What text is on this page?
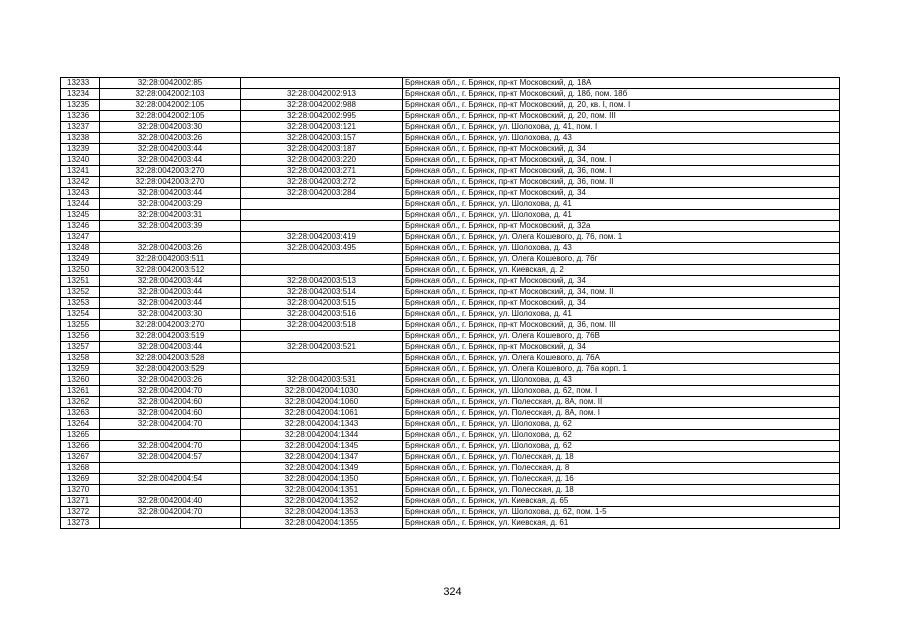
13233	32:28:0042002:85		Брянская обл., г. Брянск, пр-кт Московский, д. 18А
13234	32:28:0042002:103	32:28:0042002:913	Брянская обл., г. Брянск, пр-кт Московский, д. 18б, пом. 18б
13235	32:28:0042002:105	32:28:0042002:988	Брянская обл., г. Брянск, пр-кт Московский, д. 20, кв. I, пом. I
13236	32:28:0042002:105	32:28:0042002:995	Брянская обл., г. Брянск, пр-кт Московский, д. 20, пом. III
13237	32:28:0042003:30	32:28:0042003:121	Брянская обл., г. Брянск, ул. Шолохова, д. 41, пом. I
13238	32:28:0042003:26	32:28:0042003:157	Брянская обл., г. Брянск, ул. Шолохова, д. 43
13239	32:28:0042003:44	32:28:0042003:187	Брянская обл., г. Брянск, пр-кт Московский, д. 34
13240	32:28:0042003:44	32:28:0042003:220	Брянская обл., г. Брянск, пр-кт Московский, д. 34, пом. I
13241	32:28:0042003:270	32:28:0042003:271	Брянская обл., г. Брянск, пр-кт Московский, д. 36, пом. I
13242	32:28:0042003:270	32:28:0042003:272	Брянская обл., г. Брянск, пр-кт Московский, д. 36, пом. II
13243	32:28:0042003:44	32:28:0042003:284	Брянская обл., г. Брянск, пр-кт Московский, д. 34
13244	32:28:0042003:29		Брянская обл., г. Брянск, ул. Шолохова, д. 41
13245	32:28:0042003:31		Брянская обл., г. Брянск, ул. Шолохова, д. 41
13246	32:28:0042003:39		Брянская обл., г. Брянск, пр-кт Московский, д. 32а
13247		32:28:0042003:419	Брянская обл., г. Брянск, ул. Олега Кошевого, д. 76, пом. 1
13248	32:28:0042003:26	32:28:0042003:495	Брянская обл., г. Брянск, ул. Шолохова, д. 43
13249	32:28:0042003:511		Брянская обл., г. Брянск, ул. Олега Кошевого, д. 76г
13250	32:28:0042003:512		Брянская обл., г. Брянск, ул. Киевская, д. 2
13251	32:28:0042003:44	32:28:0042003:513	Брянская обл., г. Брянск, пр-кт Московский, д. 34
13252	32:28:0042003:44	32:28:0042003:514	Брянская обл., г. Брянск, пр-кт Московский, д. 34, пом. II
13253	32:28:0042003:44	32:28:0042003:515	Брянская обл., г. Брянск, пр-кт Московский, д. 34
13254	32:28:0042003:30	32:28:0042003:516	Брянская обл., г. Брянск, ул. Шолохова, д. 41
13255	32:28:0042003:270	32:28:0042003:518	Брянская обл., г. Брянск, пр-кт Московский, д. 36, пом. III
13256	32:28:0042003:519		Брянская обл., г. Брянск, ул. Олега Кошевого, д. 76В
13257	32:28:0042003:44	32:28:0042003:521	Брянская обл., г. Брянск, пр-кт Московский, д. 34
13258	32:28:0042003:528		Брянская обл., г. Брянск, ул. Олега Кошевого, д. 76А
13259	32:28:0042003:529		Брянская обл., г. Брянск, ул. Олега Кошевого, д. 76а корп. 1
13260	32:28:0042003:26	32:28:0042003:531	Брянская обл., г. Брянск, ул. Шолохова, д. 43
13261	32:28:0042004:70	32:28:0042004:1030	Брянская обл., г. Брянск, ул. Шолохова, д. 62, пом. I
13262	32:28:0042004:60	32:28:0042004:1060	Брянская обл., г. Брянск, ул. Полесская, д. 8А, пом. II
13263	32:28:0042004:60	32:28:0042004:1061	Брянская обл., г. Брянск, ул. Полесская, д. 8А, пом. I
13264	32:28:0042004:70	32:28:0042004:1343	Брянская обл., г. Брянск, ул. Шолохова, д. 62
13265		32:28:0042004:1344	Брянская обл., г. Брянск, ул. Шолохова, д. 62
13266	32:28:0042004:70	32:28:0042004:1345	Брянская обл., г. Брянск, ул. Шолохова, д. 62
13267	32:28:0042004:57	32:28:0042004:1347	Брянская обл., г. Брянск, ул. Полесская, д. 18
13268		32:28:0042004:1349	Брянская обл., г. Брянск, ул. Полесская, д. 8
13269	32:28:0042004:54	32:28:0042004:1350	Брянская обл., г. Брянск, ул. Полесская, д. 16
13270		32:28:0042004:1351	Брянская обл., г. Брянск, ул. Полесская, д. 18
13271	32:28:0042004:40	32:28:0042004:1352	Брянская обл., г. Брянск, ул. Киевская, д. 65
13272	32:28:0042004:70	32:28:0042004:1353	Брянская обл., г. Брянск, ул. Шолохова, д. 62, пом. 1-5
13273		32:28:0042004:1355	Брянская обл., г. Брянск, ул. Киевская, д. 61
324
